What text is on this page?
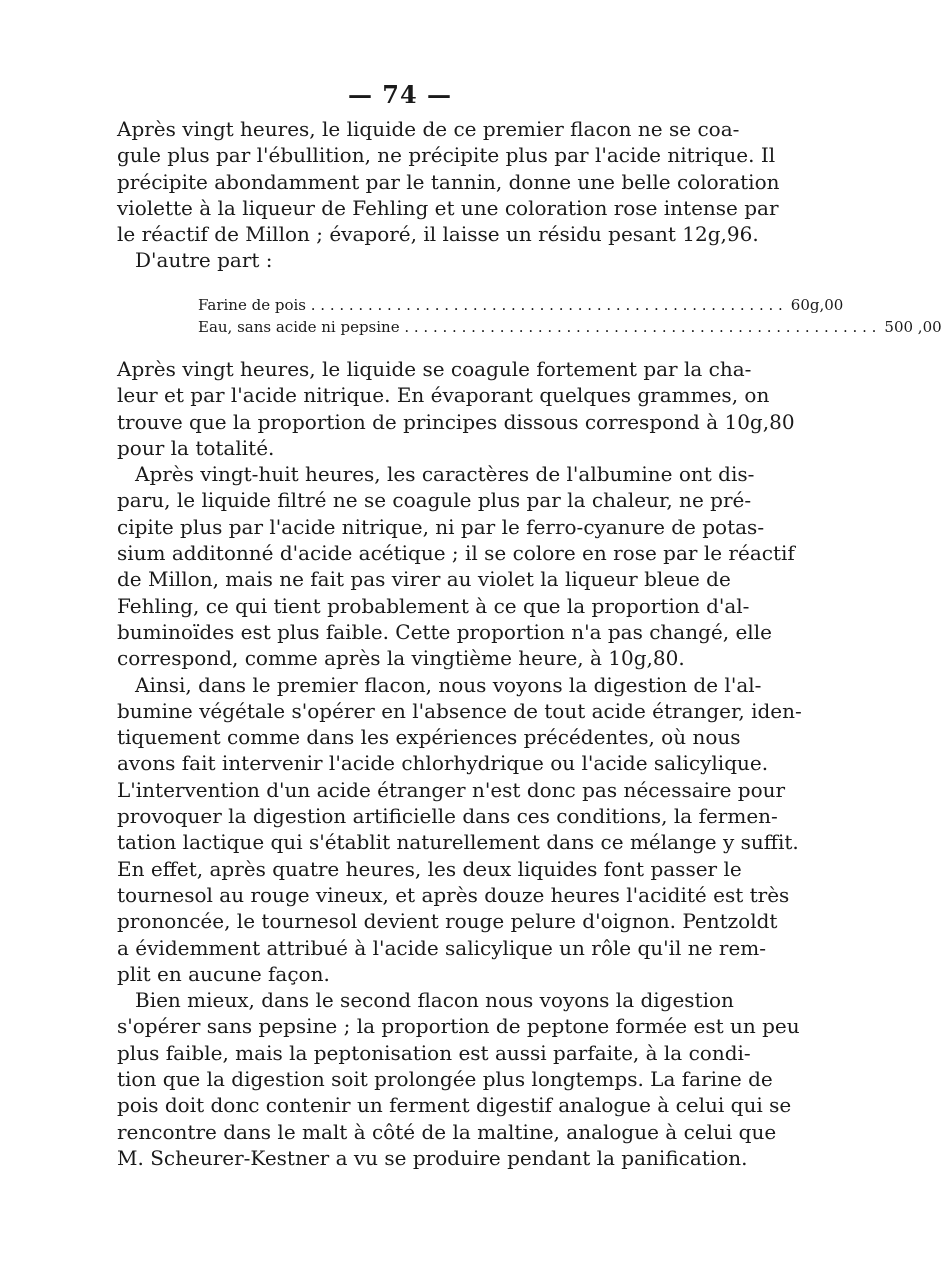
— 74 —
Après vingt heures, le liquide de ce premier flacon ne se coa-
gule plus par l'ébullition, ne précipite plus par l'acide nitrique. Il
précipite abondamment par le tannin, donne une belle coloration
violette à la liqueur de Fehling et une coloration rose intense par
le réactif de Millon ; évaporé, il laisse un résidu pesant 12g,96.
D'autre part :
Farine de pois . . .	60g,00
Eau, sans acide ni pepsine . . .	500 ,00
Après vingt heures, le liquide se coagule fortement par la cha-
leur et par l'acide nitrique. En évaporant quelques grammes, on
trouve que la proportion de principes dissous correspond à 10g,80
pour la totalité.
Après vingt-huit heures, les caractères de l'albumine ont dis-
paru, le liquide filtré ne se coagule plus par la chaleur, ne pré-
cipite plus par l'acide nitrique, ni par le ferro-cyanure de potas-
sium additonné d'acide acétique ; il se colore en rose par le réactif
de Millon, mais ne fait pas virer au violet la liqueur bleue de
Fehling, ce qui tient probablement à ce que la proportion d'al-
buminoïdes est plus faible. Cette proportion n'a pas changé, elle
correspond, comme après la vingtième heure, à 10g,80.
Ainsi, dans le premier flacon, nous voyons la digestion de l'al-
bumine végétale s'opérer en l'absence de tout acide étranger, iden-
tiquement comme dans les expériences précédentes, où nous
avons fait intervenir l'acide chlorhydrique ou l'acide salicylique.
L'intervention d'un acide étranger n'est donc pas nécessaire pour
provoquer la digestion artificielle dans ces conditions, la fermen-
tation lactique qui s'établit naturellement dans ce mélange y suffit.
En effet, après quatre heures, les deux liquides font passer le
tournesol au rouge vineux, et après douze heures l'acidité est très
prononcée, le tournesol devient rouge pelure d'oignon. Pentzoldt
a évidemment attribué à l'acide salicylique un rôle qu'il ne rem-
plit en aucune façon.
Bien mieux, dans le second flacon nous voyons la digestion
s'opérer sans pepsine ; la proportion de peptone formée est un peu
plus faible, mais la peptonisation est aussi parfaite, à la condi-
tion que la digestion soit prolongée plus longtemps. La farine de
pois doit donc contenir un ferment digestif analogue à celui qui se
rencontre dans le malt à côté de la maltine, analogue à celui que
M. Scheurer-Kestner a vu se produire pendant la panification.
